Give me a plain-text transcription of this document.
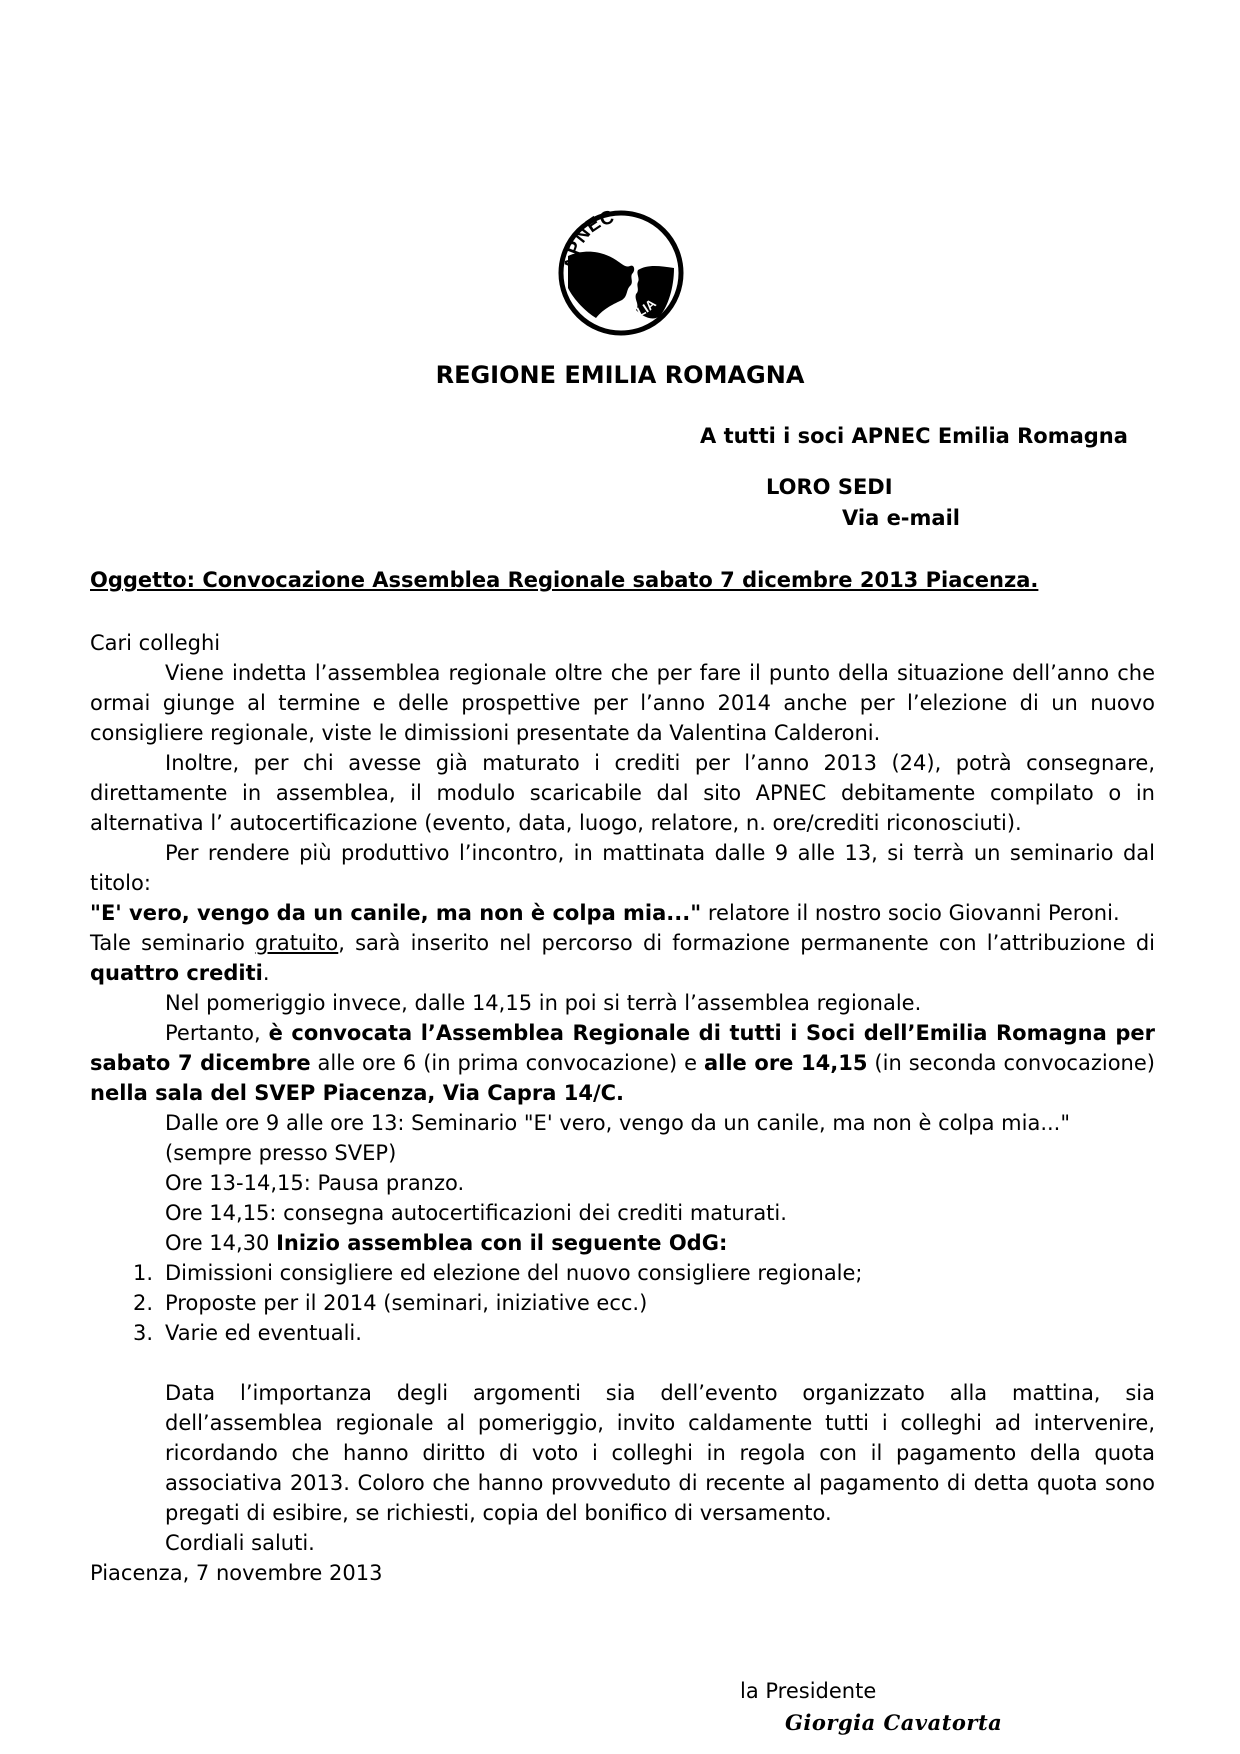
APNEC
ITALIA
REGIONE EMILIA ROMAGNA
A tutti i soci APNEC Emilia Romagna
LORO SEDI
Via e-mail
Oggetto: Convocazione Assemblea Regionale sabato 7 dicembre 2013 Piacenza.

Cari colleghi

Viene indetta l’assemblea regionale oltre che per fare il punto della situazione dell’anno che ormai giunge al termine e delle prospettive per l’anno 2014 anche per l’elezione di un nuovo consigliere regionale, viste le dimissioni presentate da Valentina Calderoni.

Inoltre, per chi avesse già maturato i crediti per l’anno 2013 (24), potrà consegnare, direttamente in assemblea, il modulo scaricabile dal sito APNEC debitamente compilato o in alternativa l’ autocertificazione (evento, data, luogo, relatore, n. ore/crediti riconosciuti).

Per rendere più produttivo l’incontro, in mattinata dalle 9 alle 13, si terrà un seminario dal titolo:
"E' vero, vengo da un canile, ma non è colpa mia..." relatore il nostro socio Giovanni Peroni.

Tale seminario gratuito, sarà inserito nel percorso di formazione permanente con l’attribuzione di quattro crediti.

Nel pomeriggio invece, dalle 14,15 in poi si terrà l’assemblea regionale.

Pertanto, è convocata l’Assemblea Regionale di tutti i Soci dell’Emilia Romagna per sabato 7 dicembre alle ore 6 (in prima convocazione) e alle ore 14,15 (in seconda convocazione) nella sala del SVEP Piacenza, Via Capra 14/C.

Dalle ore 9 alle ore 13: Seminario "E' vero, vengo da un canile, ma non è colpa mia..." (sempre presso SVEP)

Ore 13-14,15: Pausa pranzo.

Ore 14,15: consegna autocertificazioni dei crediti maturati.

Ore 14,30 Inizio assemblea con il seguente OdG:

1. Dimissioni consigliere ed elezione del nuovo consigliere regionale;
2. Proposte per il 2014 (seminari, iniziative ecc.)
3. Varie ed eventuali.

Data l’importanza degli argomenti sia dell’evento organizzato alla mattina, sia dell’assemblea regionale al pomeriggio, invito caldamente tutti i colleghi ad intervenire, ricordando che hanno diritto di voto i colleghi in regola con il pagamento della quota associativa 2013. Coloro che hanno provveduto di recente al pagamento di detta quota sono pregati di esibire, se richiesti, copia del bonifico di versamento.

Cordiali saluti.

Piacenza, 7 novembre 2013

la Presidente
Giorgia Cavatorta
